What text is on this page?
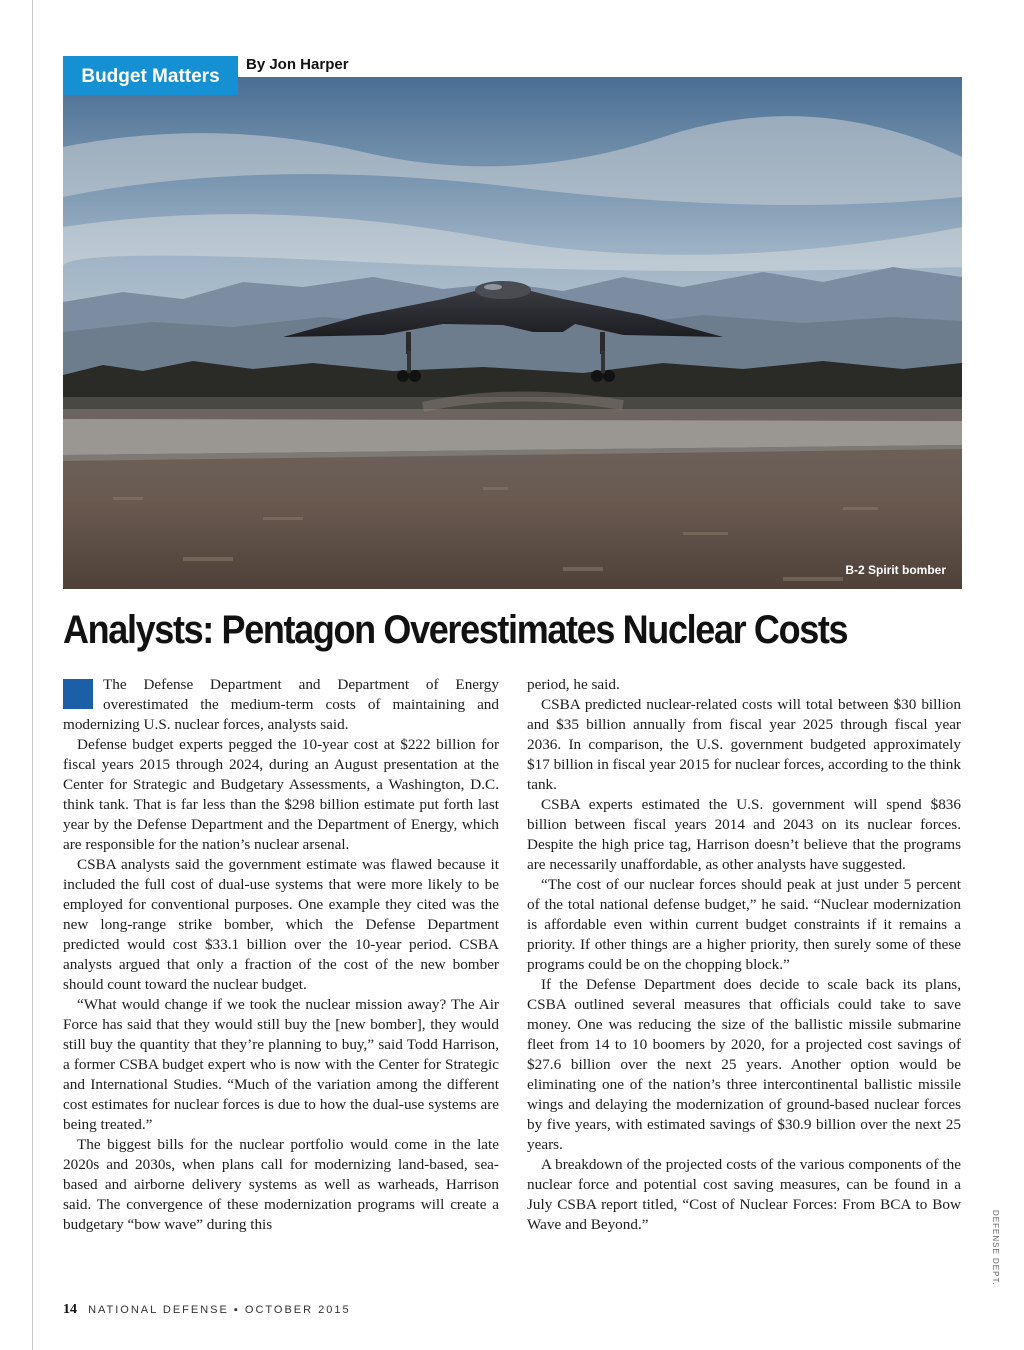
B-2 Spirit bomber
Budget Matters
By Jon Harper
Analysts: Pentagon Overestimates Nuclear Costs

The Defense Department and Department of Energy overestimated the medium-term costs of maintaining and modernizing U.S. nuclear forces, analysts said.

Defense budget experts pegged the 10-year cost at $222 billion for fiscal years 2015 through 2024, during an August presentation at the Center for Strategic and Budgetary Assessments, a Washington, D.C. think tank. That is far less than the $298 billion estimate put forth last year by the Defense Department and the Department of Energy, which are responsible for the nation’s nuclear arsenal.

CSBA analysts said the government estimate was flawed because it included the full cost of dual-use systems that were more likely to be employed for conventional purposes. One example they cited was the new long-range strike bomber, which the Defense Department predicted would cost $33.1 billion over the 10-year period. CSBA analysts argued that only a fraction of the cost of the new bomber should count toward the nuclear budget.

“What would change if we took the nuclear mission away? The Air Force has said that they would still buy the [new bomber], they would still buy the quantity that they’re planning to buy,” said Todd Harrison, a former CSBA budget expert who is now with the Center for Strategic and International Studies. “Much of the variation among the different cost estimates for nuclear forces is due to how the dual-use systems are being treated.”

The biggest bills for the nuclear portfolio would come in the late 2020s and 2030s, when plans call for modernizing land-based, sea-based and airborne delivery systems as well as warheads, Harrison said. The convergence of these modernization programs will create a budgetary “bow wave” during this

period, he said.

CSBA predicted nuclear-related costs will total between $30 billion and $35 billion annually from fiscal year 2025 through fiscal year 2036. In comparison, the U.S. government budgeted approximately $17 billion in fiscal year 2015 for nuclear forces, according to the think tank.

CSBA experts estimated the U.S. government will spend $836 billion between fiscal years 2014 and 2043 on its nuclear forces. Despite the high price tag, Harrison doesn’t believe that the programs are necessarily unaffordable, as other analysts have suggested.

“The cost of our nuclear forces should peak at just under 5 percent of the total national defense budget,” he said. “Nuclear modernization is affordable even within current budget constraints if it remains a priority. If other things are a higher priority, then surely some of these programs could be on the chopping block.”

If the Defense Department does decide to scale back its plans, CSBA outlined several measures that officials could take to save money. One was reducing the size of the ballistic missile submarine fleet from 14 to 10 boomers by 2020, for a projected cost savings of $27.6 billion over the next 25 years. Another option would be eliminating one of the nation’s three intercontinental ballistic missile wings and delaying the modernization of ground-based nuclear forces by five years, with estimated savings of $30.9 billion over the next 25 years.

A breakdown of the projected costs of the various components of the nuclear force and potential cost saving measures, can be found in a July CSBA report titled, “Cost of Nuclear Forces: From BCA to Bow Wave and Beyond.”	DEFENSE DEPT.
14 NATIONAL DEFENSE ▪ OCTOBER 2015
